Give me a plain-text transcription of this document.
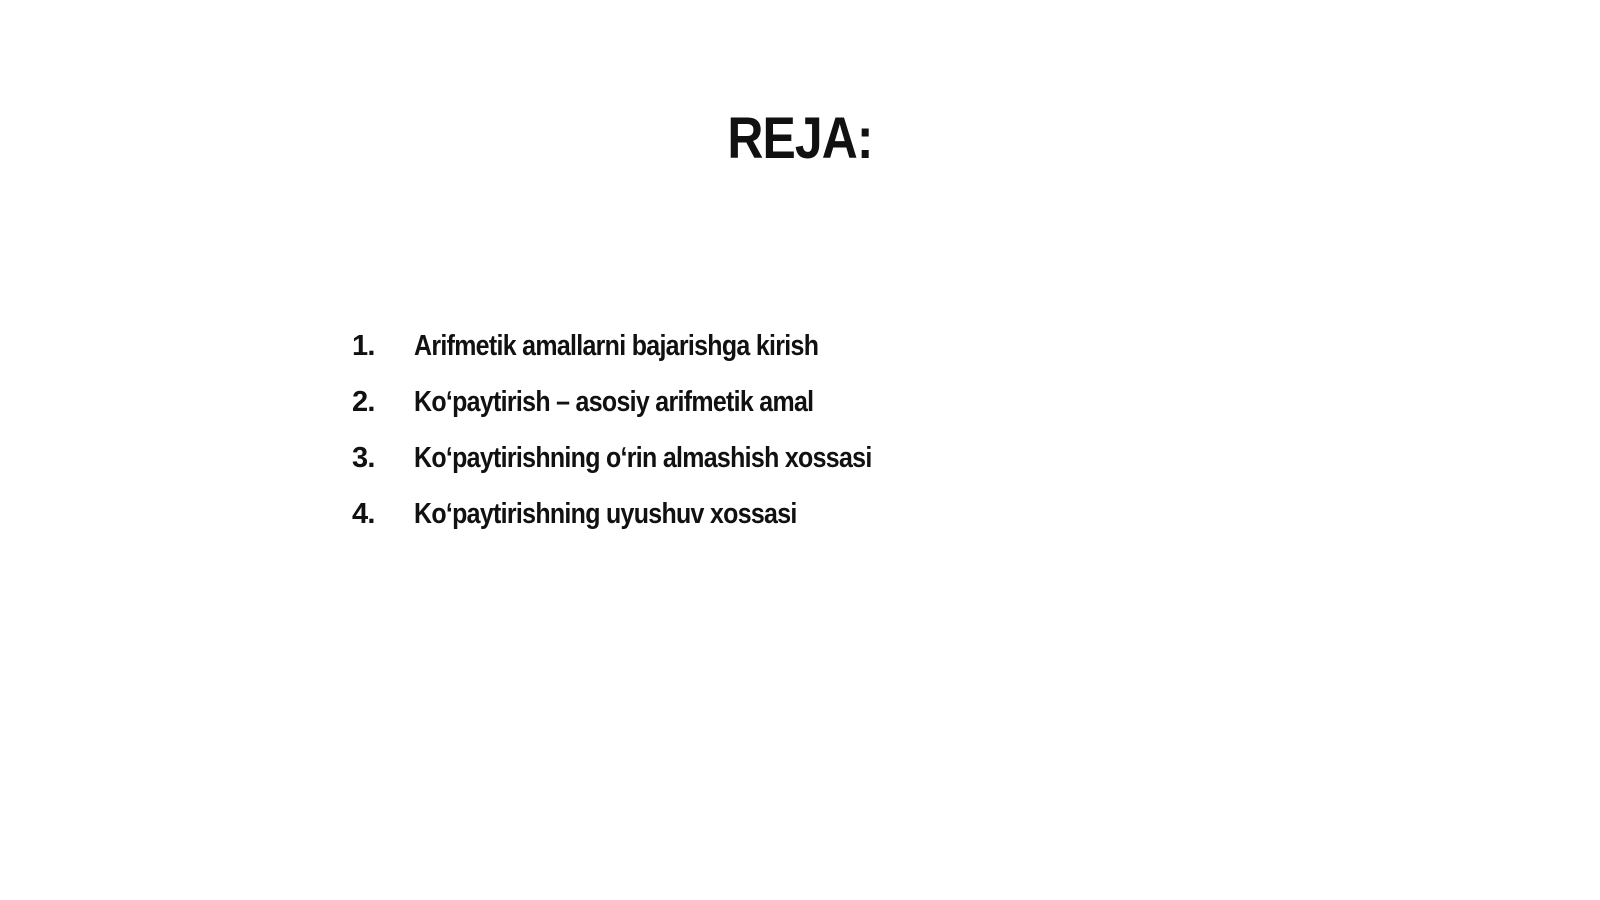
REJA:
1.	Arifmetik amallarni bajarishga kirish
2.	Koʻpaytirish – asosiy arifmetik amal
3.	Koʻpaytirishning oʻrin almashish xossasi
4.	Koʻpaytirishning uyushuv xossasi
